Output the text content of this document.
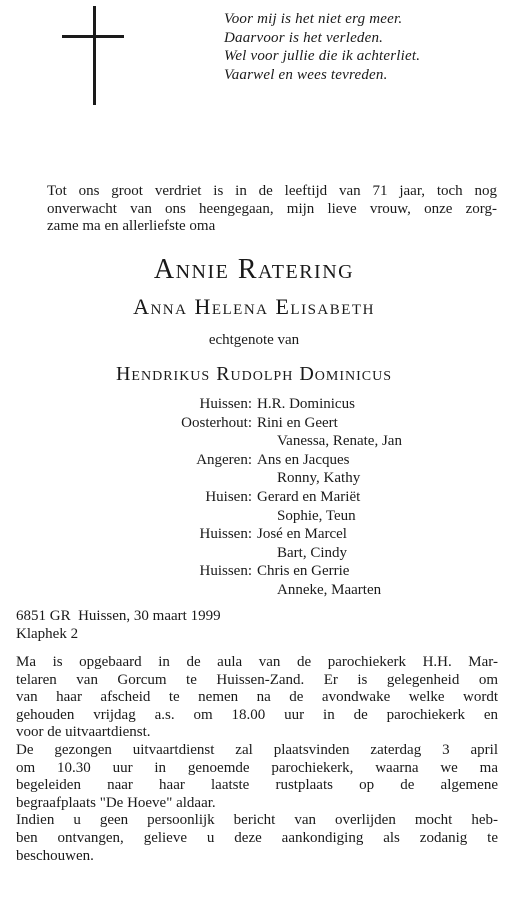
Voor mij is het niet erg meer.
Daarvoor is het verleden.
Wel voor jullie die ik achterliet.
Vaarwel en wees tevreden.
Tot ons groot verdriet is in de leeftijd van 71 jaar, toch nog
onverwacht van ons heengegaan, mijn lieve vrouw, onze zorg-
zame ma en allerliefste oma
Annie Ratering
Anna Helena Elisabeth
echtgenote van
Hendrikus Rudolph Dominicus
Huissen: H.R. Dominicus
Oosterhout: Rini en Geert
Vanessa, Renate, Jan
Angeren: Ans en Jacques
Ronny, Kathy
Huisen: Gerard en Mariët
Sophie, Teun
Huissen: José en Marcel
Bart, Cindy
Huissen: Chris en Gerrie
Anneke, Maarten
6851 GR  Huissen, 30 maart 1999
Klaphek 2
Ma is opgebaard in de aula van de parochiekerk H.H. Mar-
telaren van Gorcum te Huissen-Zand. Er is gelegenheid om
van haar afscheid te nemen na de avondwake welke wordt
gehouden vrijdag a.s. om 18.00 uur in de parochiekerk en
voor de uitvaartdienst.
De gezongen uitvaartdienst zal plaatsvinden zaterdag 3 april
om 10.30 uur in genoemde parochiekerk, waarna we ma
begeleiden naar haar laatste rustplaats op de algemene
begraafplaats "De Hoeve" aldaar.
Indien u geen persoonlijk bericht van overlijden mocht heb-
ben ontvangen, gelieve u deze aankondiging als zodanig te
beschouwen.
